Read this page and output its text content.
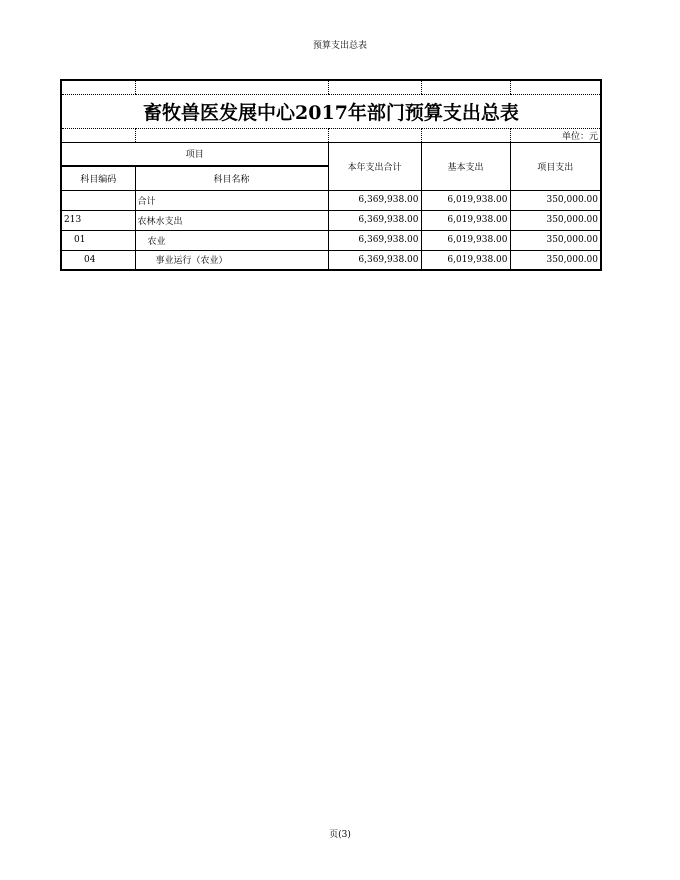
预算支出总表

畜牧兽医发展中心2017年部门预算支出总表				
				单位：元
项目		本年支出合计	基本支出	项目支出
科目编码	科目名称			
	合计	6,369,938.00	6,019,938.00	350,000.00
213	农林水支出	6,369,938.00	6,019,938.00	350,000.00
01	农业	6,369,938.00	6,019,938.00	350,000.00
04	事业运行（农业）	6,369,938.00	6,019,938.00	350,000.00
页(3)
